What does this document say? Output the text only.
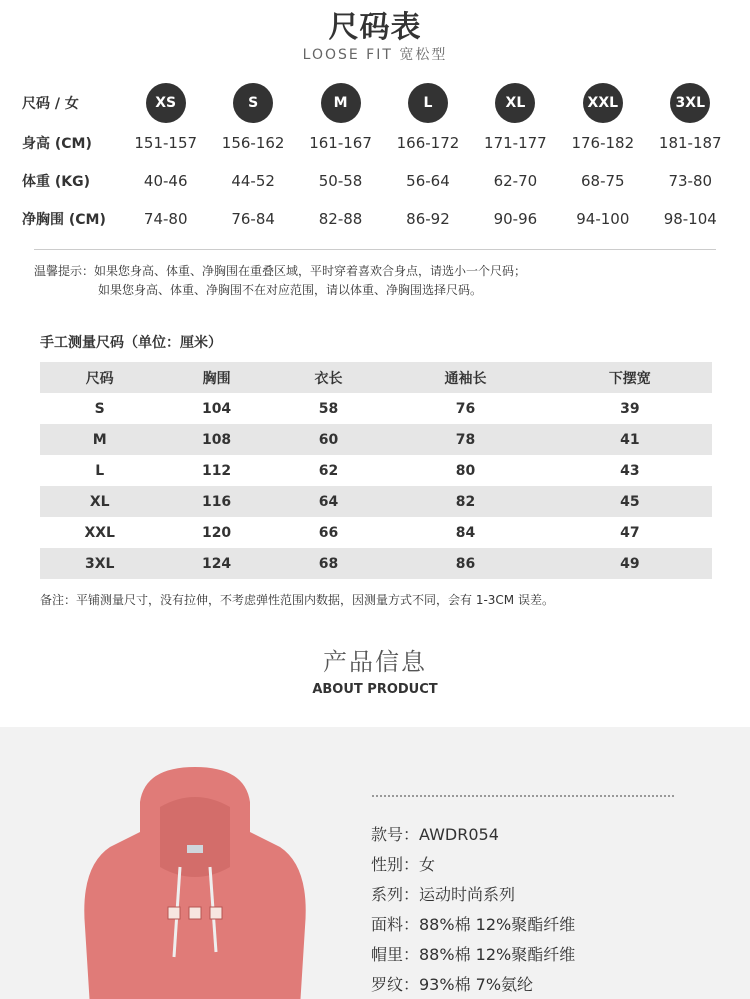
尺码表
LOOSE FIT 宽松型
尺码 / 女	XS	S	M	L	XL	XXL	3XL
身高 (CM)	151-157	156-162	161-167	166-172	171-177	176-182	181-187
体重 (KG)	40-46	44-52	50-58	56-64	62-70	68-75	73-80
净胸围 (CM)	74-80	76-84	82-88	86-92	90-96	94-100	98-104
温馨提示：如果您身高、体重、净胸围在重叠区域，平时穿着喜欢合身点，请选小一个尺码；
如果您身高、体重、净胸围不在对应范围，请以体重、净胸围选择尺码。
手工测量尺码（单位：厘米）
尺码	胸围	衣长	通袖长	下摆宽
S	104	58	76	39
M	108	60	78	41
L	112	62	80	43
XL	116	64	82	45
XXL	120	66	84	47
3XL	124	68	86	49
备注：平铺测量尺寸，没有拉伸，不考虑弹性范围内数据，因测量方式不同，会有 1-3CM 误差。
产品信息
ABOUT PRODUCT
款号：AWDR054
性别：女
系列：运动时尚系列
面料：88%棉 12%聚酯纤维
帽里：88%棉 12%聚酯纤维
罗纹：93%棉 7%氨纶
